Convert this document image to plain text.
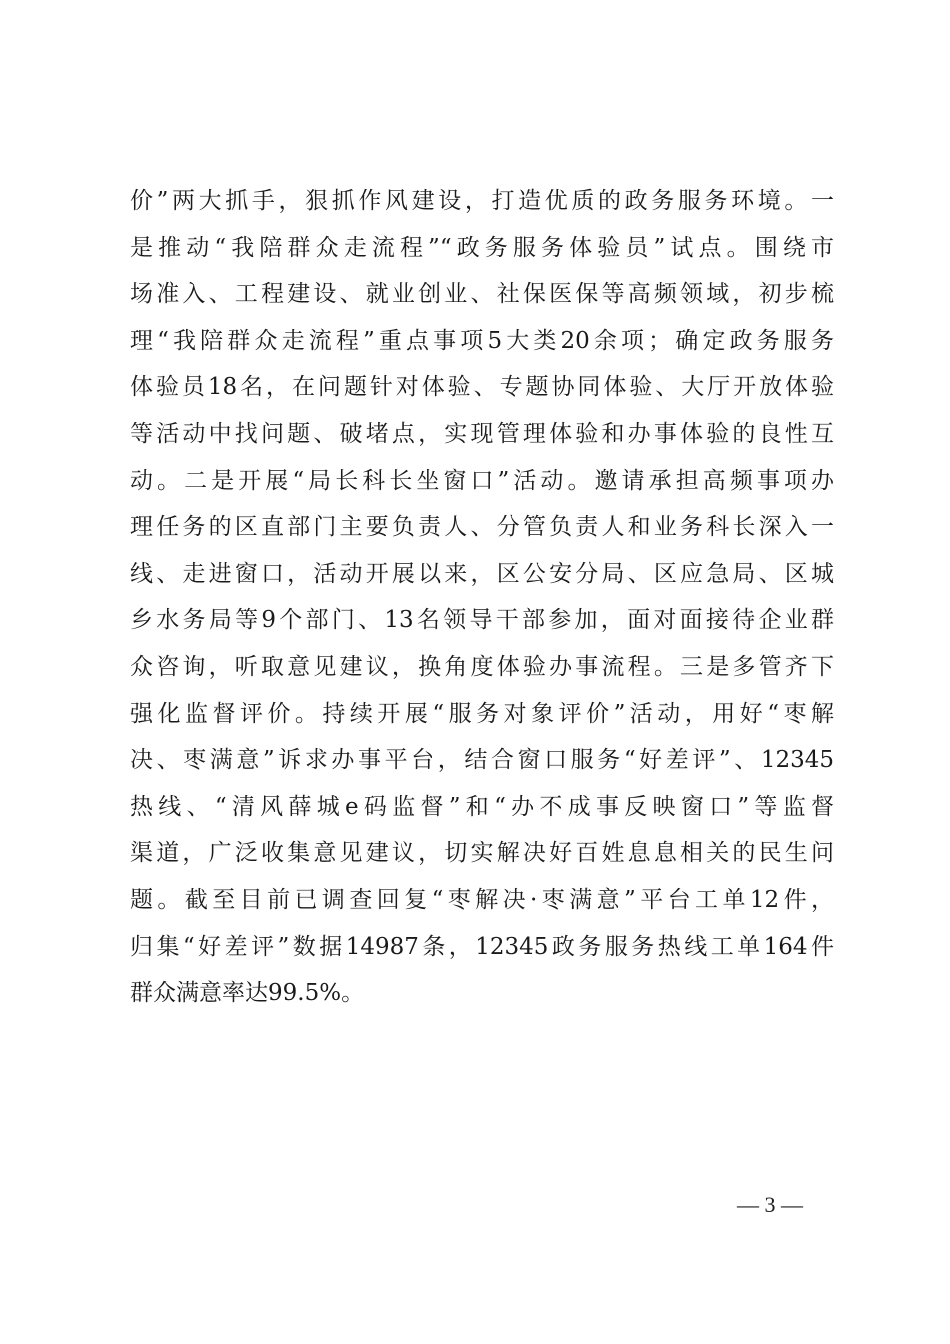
价”两大抓手，狠抓作风建设，打造优质的政务服务环境。一
是推动“我陪群众走流程”“政务服务体验员”试点。围绕市
场准入、工程建设、就业创业、社保医保等高频领域，初步梳
理“我陪群众走流程”重点事项5大类20余项；确定政务服务
体验员18名，在问题针对体验、专题协同体验、大厅开放体验
等活动中找问题、破堵点，实现管理体验和办事体验的良性互
动。二是开展“局长科长坐窗口”活动。邀请承担高频事项办
理任务的区直部门主要负责人、分管负责人和业务科长深入一
线、走进窗口，活动开展以来，区公安分局、区应急局、区城
乡水务局等9个部门、13名领导干部参加，面对面接待企业群
众咨询，听取意见建议，换角度体验办事流程。三是多管齐下
强化监督评价。持续开展“服务对象评价”活动，用好“枣解
决、枣满意”诉求办事平台，结合窗口服务“好差评”、12345
热线、“清风薛城e码监督”和“办不成事反映窗口”等监督
渠道，广泛收集意见建议，切实解决好百姓息息相关的民生问
题。截至目前已调查回复“枣解决·枣满意”平台工单12件，
归集“好差评”数据14987条，12345政务服务热线工单164件
群众满意率达99.5%。
— 3 —
